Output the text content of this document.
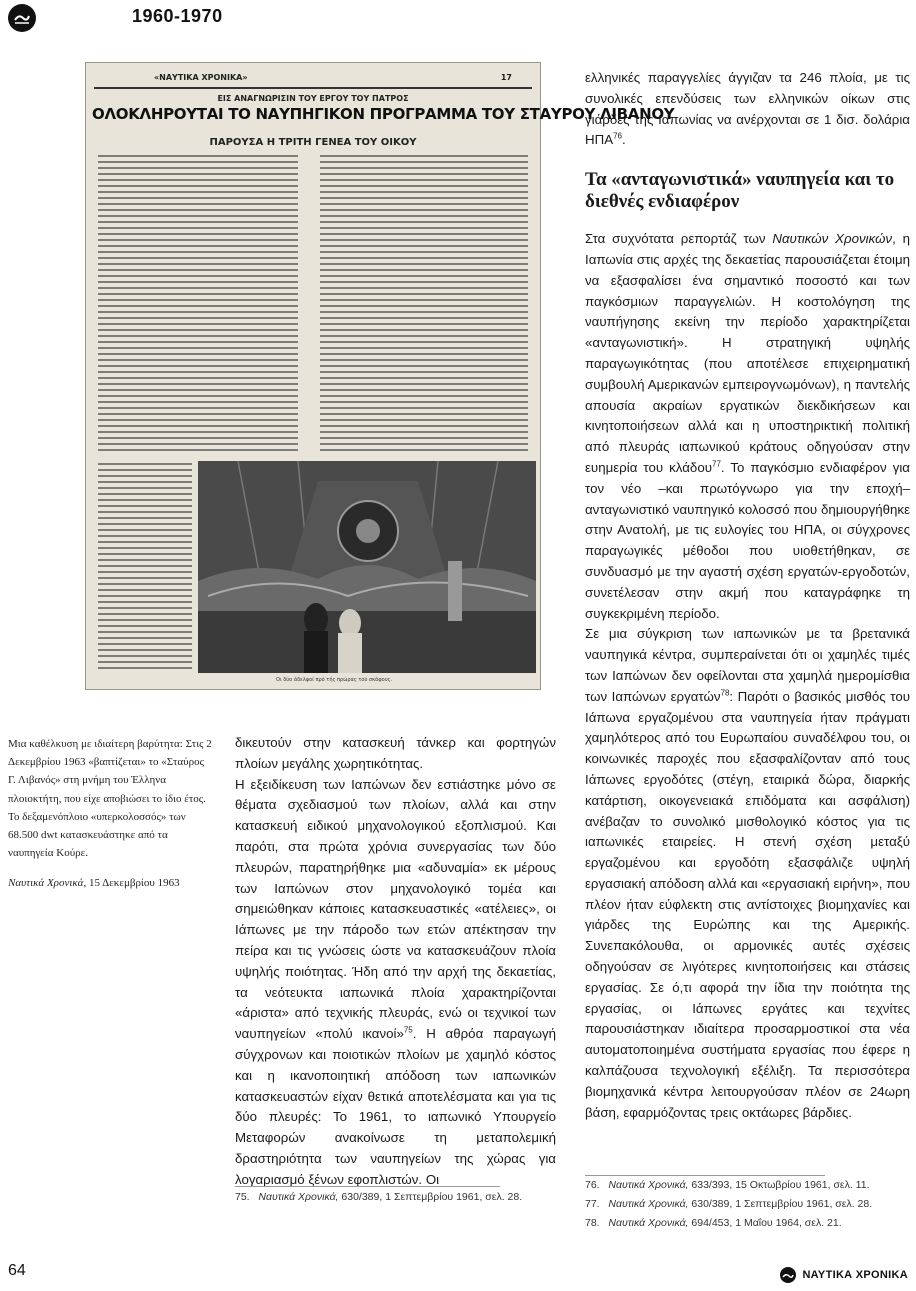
1960-1970
«ΝΑΥΤΙΚΑ ΧΡΟΝΙΚΑ»	17
ΕΙΣ ΑΝΑΓΝΩΡΙΣΙΝ ΤΟΥ ΕΡΓΟΥ ΤΟΥ ΠΑΤΡΟΣ
ΟΛΟΚΛΗΡΟΥΤΑΙ ΤΟ ΝΑΥΠΗΓΙΚΟΝ ΠΡΟΓΡΑΜΜΑ ΤΟΥ ΣΤΑΥΡΟΥ ΛΙΒΑΝΟΥ
ΠΑΡΟΥΣΑ Η ΤΡΙΤΗ ΓΕΝΕΑ ΤΟΥ ΟΙΚΟΥ
Οι δύο άδελφοί πρό τής πρώρας τού σκάφους.

Μια καθέλκυση με ιδιαίτερη βαρύτητα: Στις 2 Δεκεμβρίου 1963 «βαπτίζεται» το «Σταύρος Γ. Λιβανός» στη μνήμη του Έλληνα πλοιοκτήτη, που είχε αποβιώσει το ίδιο έτος. Το δεξαμενόπλοιο «υπερκολοσσός» των 68.500 dwt κατασκευάστηκε από τα ναυπηγεία Κούρε.

Ναυτικά Χρονικά, 15 Δεκεμβρίου 1963

δικευτούν στην κατασκευή τάνκερ και φορτηγών πλοίων μεγάλης χωρητικότητας.

Η εξειδίκευση των Ιαπώνων δεν εστιάστηκε μόνο σε θέματα σχεδιασμού των πλοίων, αλλά και στην κατασκευή ειδικού μηχανολογικού εξοπλισμού. Και παρότι, στα πρώτα χρόνια συνεργασίας των δύο πλευρών, παρατηρήθηκε μια «αδυναμία» εκ μέρους των Ιαπώνων στον μηχανολογικό τομέα και σημειώθηκαν κάποιες κατασκευαστικές «ατέλειες», οι Ιάπωνες με την πάροδο των ετών απέκτησαν την πείρα και τις γνώσεις ώστε να κατασκευάζουν πλοία υψηλής ποιότητας. Ήδη από την αρχή της δεκαετίας, τα νεότευκτα ιαπωνικά πλοία χαρακτηρίζονται «άριστα» από τεχνικής πλευράς, ενώ οι τεχνικοί των ναυπηγείων «πολύ ικανοί»$^{75}$. Η αθρόα παραγωγή σύγχρονων και ποιοτικών πλοίων με χαμηλό κόστος και η ικανοποιητική απόδοση των ιαπωνικών κατασκευαστών είχαν θετικά αποτελέσματα και για τις δύο πλευρές: Το 1961, το ιαπωνικό Υπουργείο Μεταφορών ανακοίνωσε τη μεταπολεμική δραστηριότητα των ναυπηγείων της χώρας για λογαριασμό ξένων εφοπλιστών. Οι

75. Ναυτικά Χρονικά, 630/389, 1 Σεπτεμβρίου 1961, σελ. 28.

ελληνικές παραγγελίες άγγιζαν τα 246 πλοία, με τις συνολικές επενδύσεις των ελληνικών οίκων στις γιάρδες της Ιαπωνίας να ανέρχονται σε 1 δισ. δολάρια ΗΠΑ$^{76}$.

Τα «ανταγωνιστικά» ναυπηγεία και το διεθνές ενδιαφέρον

Στα συχνότατα ρεπορτάζ των Ναυτικών Χρονικών, η Ιαπωνία στις αρχές της δεκαετίας παρουσιάζεται έτοιμη να εξασφαλίσει ένα σημαντικό ποσοστό και των παγκόσμιων παραγγελιών. Η κοστολόγηση της ναυπήγησης εκείνη την περίοδο χαρακτηρίζεται «ανταγωνιστική». Η στρατηγική υψηλής παραγωγικότητας (που αποτέλεσε επιχειρηματική συμβουλή Αμερικανών εμπειρογνωμόνων), η παντελής απουσία ακραίων εργατικών διεκδικήσεων και κινητοποιήσεων αλλά και η υποστηρικτική πολιτική από πλευράς ιαπωνικού κράτους οδηγούσαν στην ευημερία του κλάδου$^{77}$. Το παγκόσμιο ενδιαφέρον για τον νέο –και πρωτόγνωρο για την εποχή– ανταγωνιστικό ναυπηγικό κολοσσό που δημιουργήθηκε στην Ανατολή, με τις ευλογίες του ΗΠΑ, οι σύγχρονες παραγωγικές μέθοδοι που υιοθετήθηκαν, σε συνδυασμό με την αγαστή σχέση εργατών-εργοδοτών, συνετέλεσαν στην ακμή που καταγράφηκε τη συγκεκριμένη περίοδο.

Σε μια σύγκριση των ιαπωνικών με τα βρετανικά ναυπηγικά κέντρα, συμπεραίνεται ότι οι χαμηλές τιμές των Ιαπώνων δεν οφείλονται στα χαμηλά ημερομίσθια των Ιαπώνων εργατών$^{78}$: Παρότι ο βασικός μισθός του Ιάπωνα εργαζομένου στα ναυπηγεία ήταν πράγματι χαμηλότερος από του Ευρωπαίου συναδέλφου του, οι κοινωνικές παροχές που εξασφαλίζονταν από τους Ιάπωνες εργοδότες (στέγη, εταιρικά δώρα, διαρκής κατάρτιση, οικογενειακά επιδόματα και ασφάλιση) ανέβαζαν το συνολικό μισθολογικό κόστος για τις ιαπωνικές εταιρείες. Η στενή σχέση μεταξύ εργαζομένου και εργοδότη εξασφάλιζε υψηλή εργασιακή απόδοση αλλά και «εργασιακή ειρήνη», που πλέον ήταν εύφλεκτη στις αντίστοιχες βιομηχανίες και γιάρδες της Ευρώπης και της Αμερικής. Συνεπακόλουθα, οι αρμονικές αυτές σχέσεις οδηγούσαν σε λιγότερες κινητοποιήσεις και στάσεις εργασίας. Σε ό,τι αφορά την ίδια την ποιότητα της εργασίας, οι Ιάπωνες εργάτες και τεχνίτες παρουσιάστηκαν ιδιαίτερα προσαρμοστικοί στα νέα αυτοματοποιημένα συστήματα εργασίας που έφερε η καλπάζουσα τεχνολογική εξέλιξη. Τα περισσότερα βιομηχανικά κέντρα λειτουργούσαν πλέον σε 24ωρη βάση, εφαρμόζοντας τρεις οκτάωρες βάρδιες.

76. Ναυτικά Χρονικά, 633/393, 15 Οκτωβρίου 1961, σελ. 11.
77. Ναυτικά Χρονικά, 630/389, 1 Σεπτεμβρίου 1961, σελ. 28.
78. Ναυτικά Χρονικά, 694/453, 1 Μαΐου 1964, σελ. 21.
64	ΝΑΥΤΙΚΑ ΧΡΟΝΙΚΑ
